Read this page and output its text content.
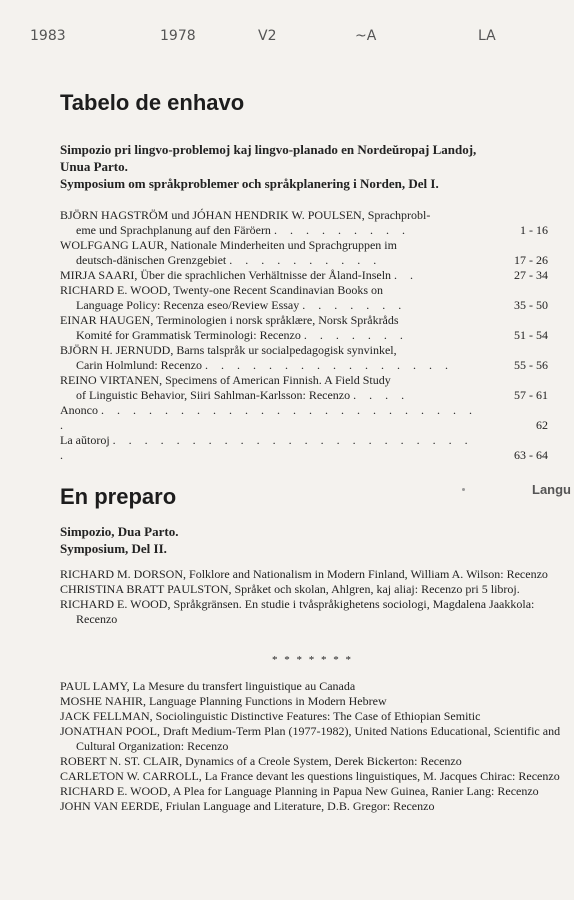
1983	1978	V2	~A	LA
Tabelo de enhavo
Simpozio pri lingvo-problemoj kaj lingvo-planado en Nordeŭropaj Landoj,
Unua Parto.
Symposium om språkproblemer och språkplanering i Norden, Del I.
BJÖRN HAGSTRÖM und JÓHAN HENDRIK W. POULSEN, Sprachprobl-
eme und Sprachplanung auf den Färöern . . . . . . . . .	1 - 16
WOLFGANG LAUR, Nationale Minderheiten und Sprachgruppen im
deutsch-dänischen Grenzgebiet . . . . . . . . . .	17 - 26
MIRJA SAARI, Über die sprachlichen Verhältnisse der Åland-Inseln . .	27 - 34
RICHARD E. WOOD, Twenty-one Recent Scandinavian Books on
Language Policy: Recenza eseo/Review Essay . . . . . . .	35 - 50
EINAR HAUGEN, Terminologien i norsk språklære, Norsk Språkråds
Komité for Grammatisk Terminologi: Recenzo . . . . . . .	51 - 54
BJÖRN H. JERNUDD, Barns talspråk ur socialpedagogisk synvinkel,
Carin Holmlund: Recenzo . . . . . . . . . . . . . . . .	55 - 56
REINO VIRTANEN, Specimens of American Finnish. A Field Study
of Linguistic Behavior, Siiri Sahlman-Karlsson: Recenzo . . . .	57 - 61
Anonco . . . . . . . . . . . . . . . . . . . . . . . . .	62
La aŭtoroj . . . . . . . . . . . . . . . . . . . . . . . .	63 - 64
En preparo	Langu
Simpozio, Dua Parto.
Symposium, Del II.
RICHARD M. DORSON, Folklore and Nationalism in Modern Finland, William A. Wilson: Recenzo
CHRISTINA BRATT PAULSTON, Språket och skolan, Ahlgren, kaj aliaj: Recenzo pri 5 libroj.
RICHARD E. WOOD, Språkgränsen. En studie i tvåspråkighetens sociologi, Magdalena Jaakkola: Recenzo
* * * * * * *
PAUL LAMY, La Mesure du transfert linguistique au Canada
MOSHE NAHIR, Language Planning Functions in Modern Hebrew
JACK FELLMAN, Sociolinguistic Distinctive Features: The Case of Ethiopian Semitic
JONATHAN POOL, Draft Medium-Term Plan (1977-1982), United Nations Educational, Scientific and Cultural Organization: Recenzo
ROBERT N. ST. CLAIR, Dynamics of a Creole System, Derek Bickerton: Recenzo
CARLETON W. CARROLL, La France devant les questions linguistiques, M. Jacques Chirac: Recenzo
RICHARD E. WOOD, A Plea for Language Planning in Papua New Guinea, Ranier Lang: Recenzo
JOHN VAN EERDE, Friulan Language and Literature, D.B. Gregor: Recenzo
